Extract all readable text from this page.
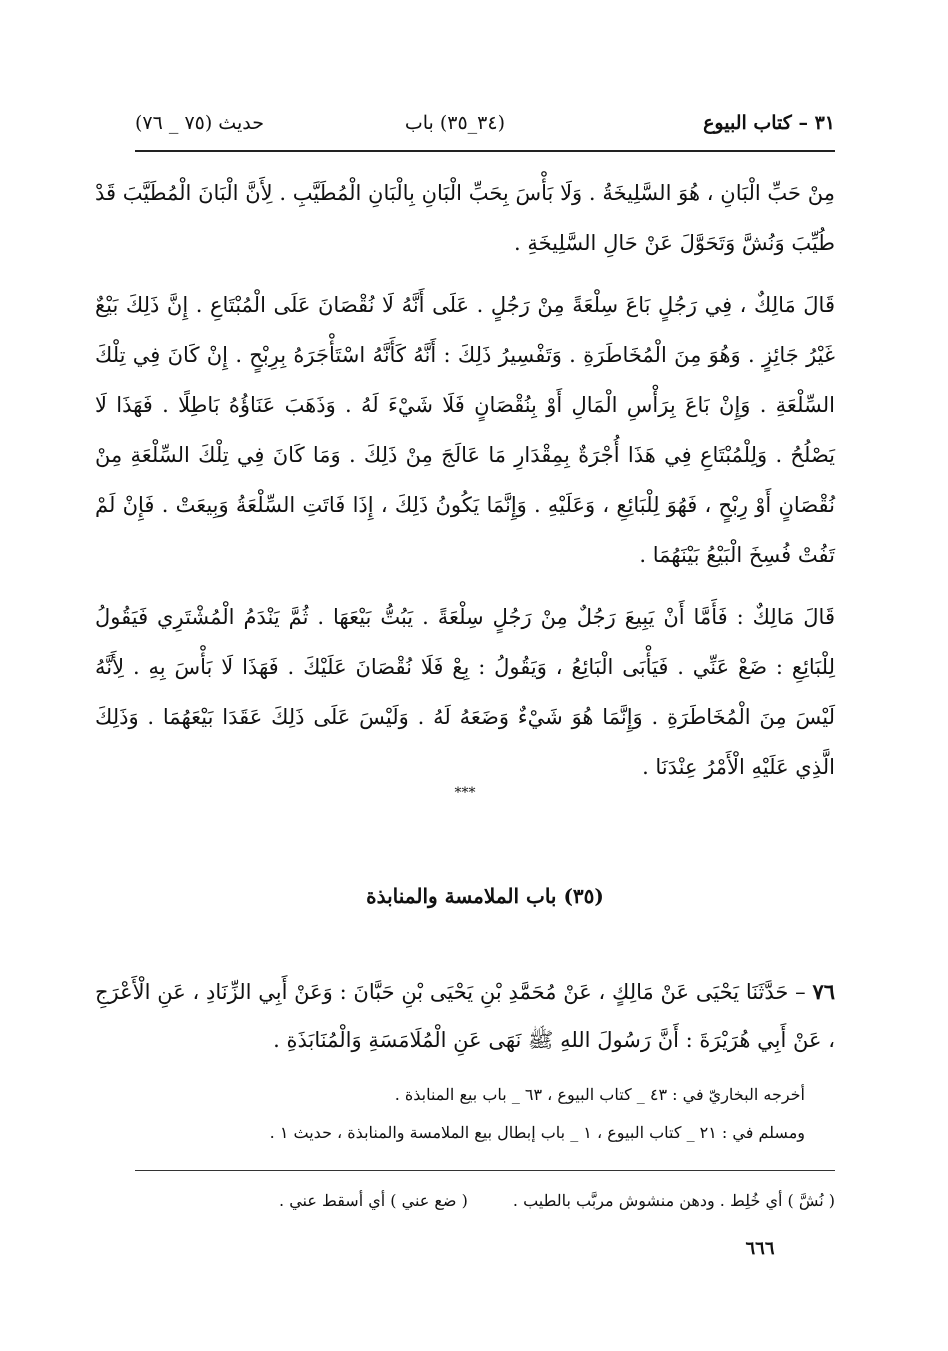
٣١ – كتاب البيوع
(٣٤_٣٥) باب
حديث (٧٥ _ ٧٦)

مِنْ حَبِّ الْبَانِ ، هُوَ السَّلِيخَةُ . وَلَا بَأْسَ بِحَبِّ الْبَانِ بِالْبَانِ الْمُطَيَّبِ . لِأَنَّ الْبَانَ الْمُطَيَّبَ قَدْ طُيِّبَ وَنُشَّ وَتَحَوَّلَ عَنْ حَالِ السَّلِيخَةِ .

قَالَ مَالِكٌ ، فِي رَجُلٍ بَاعَ سِلْعَةً مِنْ رَجُلٍ . عَلَى أَنَّهُ لَا نُقْصَانَ عَلَى الْمُبْتَاعِ . إِنَّ ذَلِكَ بَيْعٌ غَيْرُ جَائِزٍ . وَهُوَ مِنَ الْمُخَاطَرَةِ . وَتَفْسِيرُ ذَلِكَ : أَنَّهُ كَأَنَّهُ اسْتَأْجَرَهُ بِرِبْحٍ . إِنْ كَانَ فِي تِلْكَ السِّلْعَةِ . وَإِنْ بَاعَ بِرَأْسِ الْمَالِ أَوْ بِنُقْصَانٍ فَلَا شَيْءَ لَهُ . وَذَهَبَ عَنَاؤُهُ بَاطِلًا . فَهَذَا لَا يَصْلُحُ . وَلِلْمُبْتَاعِ فِي هَذَا أُجْرَةٌ بِمِقْدَارِ مَا عَالَجَ مِنْ ذَلِكَ . وَمَا كَانَ فِي تِلْكَ السِّلْعَةِ مِنْ نُقْصَانٍ أَوْ رِبْحٍ ، فَهُوَ لِلْبَائِعِ ، وَعَلَيْهِ . وَإِنَّمَا يَكُونُ ذَلِكَ ، إِذَا فَاتَتِ السِّلْعَةُ وَبِيعَتْ . فَإِنْ لَمْ تَفُتْ فُسِخَ الْبَيْعُ بَيْنَهُمَا .

قَالَ مَالِكٌ : فَأَمَّا أَنْ يَبِيعَ رَجُلٌ مِنْ رَجُلٍ سِلْعَةً . يَبُتُّ بَيْعَهَا . ثُمَّ يَنْدَمُ الْمُشْتَرِي فَيَقُولُ لِلْبَائِعِ : ضَعْ عَنِّي . فَيَأْبَى الْبَائِعُ ، وَيَقُولُ : بِعْ فَلَا نُقْصَانَ عَلَيْكَ . فَهَذَا لَا بَأْسَ بِهِ . لِأَنَّهُ لَيْسَ مِنَ الْمُخَاطَرَةِ . وَإِنَّمَا هُوَ شَيْءٌ وَضَعَهُ لَهُ . وَلَيْسَ عَلَى ذَلِكَ عَقَدَا بَيْعَهُمَا . وَذَلِكَ الَّذِي عَلَيْهِ الْأَمْرُ عِنْدَنَا .

***
(٣٥) باب الملامسة والمنابذة
٧٦ – حَدَّثَنَا يَحْيَى عَنْ مَالِكٍ ، عَنْ مُحَمَّدِ بْنِ يَحْيَى بْنِ حَبَّانَ : وَعَنْ أَبِي الزِّنَادِ ، عَنِ الْأَعْرَجِ ، عَنْ أَبِي هُرَيْرَةَ : أَنَّ رَسُولَ اللهِ ﷺ نَهَى عَنِ الْمُلَامَسَةِ وَالْمُنَابَذَةِ .

أخرجه البخاريّ في : ٤٣ _ كتاب البيوع ، ٦٣ _ باب بيع المنابذة .

ومسلم في : ٢١ _ كتاب البيوع ، ١ _ باب إبطال بيع الملامسة والمنابذة ، حديث ١ .

( نُشَّ ) أي خُلِط . ودهن منشوش مربَّب بالطيب . ( ضع عني ) أي أسقط عني .
٦٦٦
